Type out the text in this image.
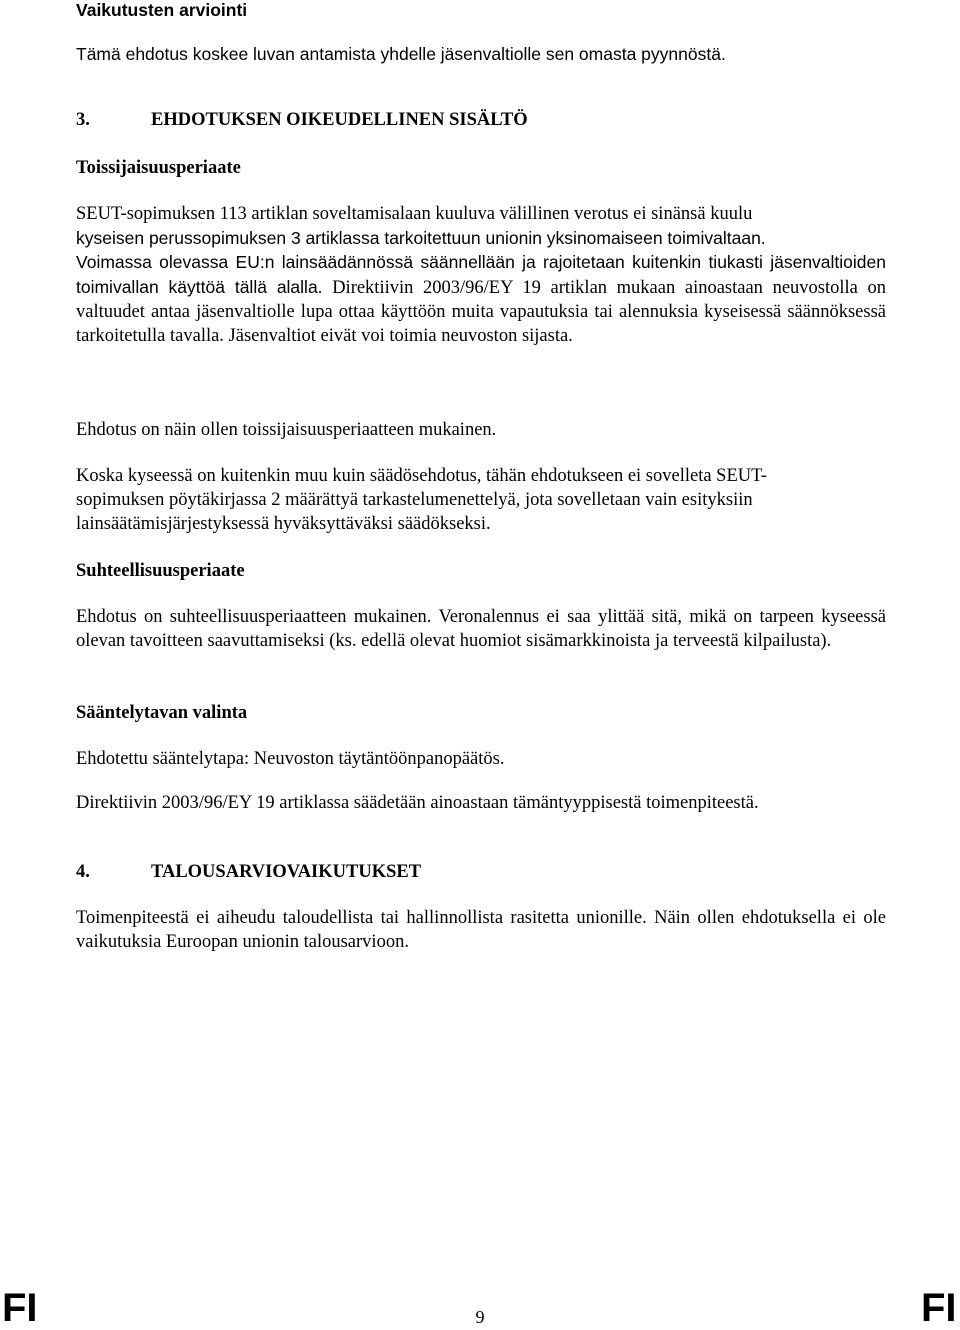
Vaikutusten arviointi

Tämä ehdotus koskee luvan antamista yhdelle jäsenvaltiolle sen omasta pyynnöstä.

3.	EHDOTUKSEN OIKEUDELLINEN SISÄLTÖ

Toissijaisuusperiaate

SEUT-sopimuksen 113 artiklan soveltamisalaan kuuluva välillinen verotus ei sinänsä kuulu
kyseisen perussopimuksen 3 artiklassa tarkoitettuun unionin yksinomaiseen toimivaltaan.

Voimassa olevassa EU:n lainsäädännössä säännellään ja rajoitetaan kuitenkin tiukasti jäsenvaltioiden toimivallan käyttöä tällä alalla. Direktiivin 2003/96/EY 19 artiklan mukaan ainoastaan neuvostolla on valtuudet antaa jäsenvaltiolle lupa ottaa käyttöön muita vapautuksia tai alennuksia kyseisessä säännöksessä tarkoitetulla tavalla. Jäsenvaltiot eivät voi toimia neuvoston sijasta.

Ehdotus on näin ollen toissijaisuusperiaatteen mukainen.

Koska kyseessä on kuitenkin muu kuin säädösehdotus, tähän ehdotukseen ei sovelleta SEUT-
sopimuksen pöytäkirjassa 2 määrättyä tarkastelumenettelyä, jota sovelletaan vain esityksiin
lainsäätämisjärjestyksessä hyväksyttäväksi säädökseksi.

Suhteellisuusperiaate

Ehdotus on suhteellisuusperiaatteen mukainen. Veronalennus ei saa ylittää sitä, mikä on tarpeen kyseessä olevan tavoitteen saavuttamiseksi (ks. edellä olevat huomiot sisämarkkinoista ja terveestä kilpailusta).

Sääntelytavan valinta

Ehdotettu sääntelytapa: Neuvoston täytäntöönpanopäätös.

Direktiivin 2003/96/EY 19 artiklassa säädetään ainoastaan tämäntyyppisestä toimenpiteestä.

4.	TALOUSARVIOVAIKUTUKSET

Toimenpiteestä ei aiheudu taloudellista tai hallinnollista rasitetta unionille. Näin ollen ehdotuksella ei ole vaikutuksia Euroopan unionin talousarvioon.

FI	9	FI
